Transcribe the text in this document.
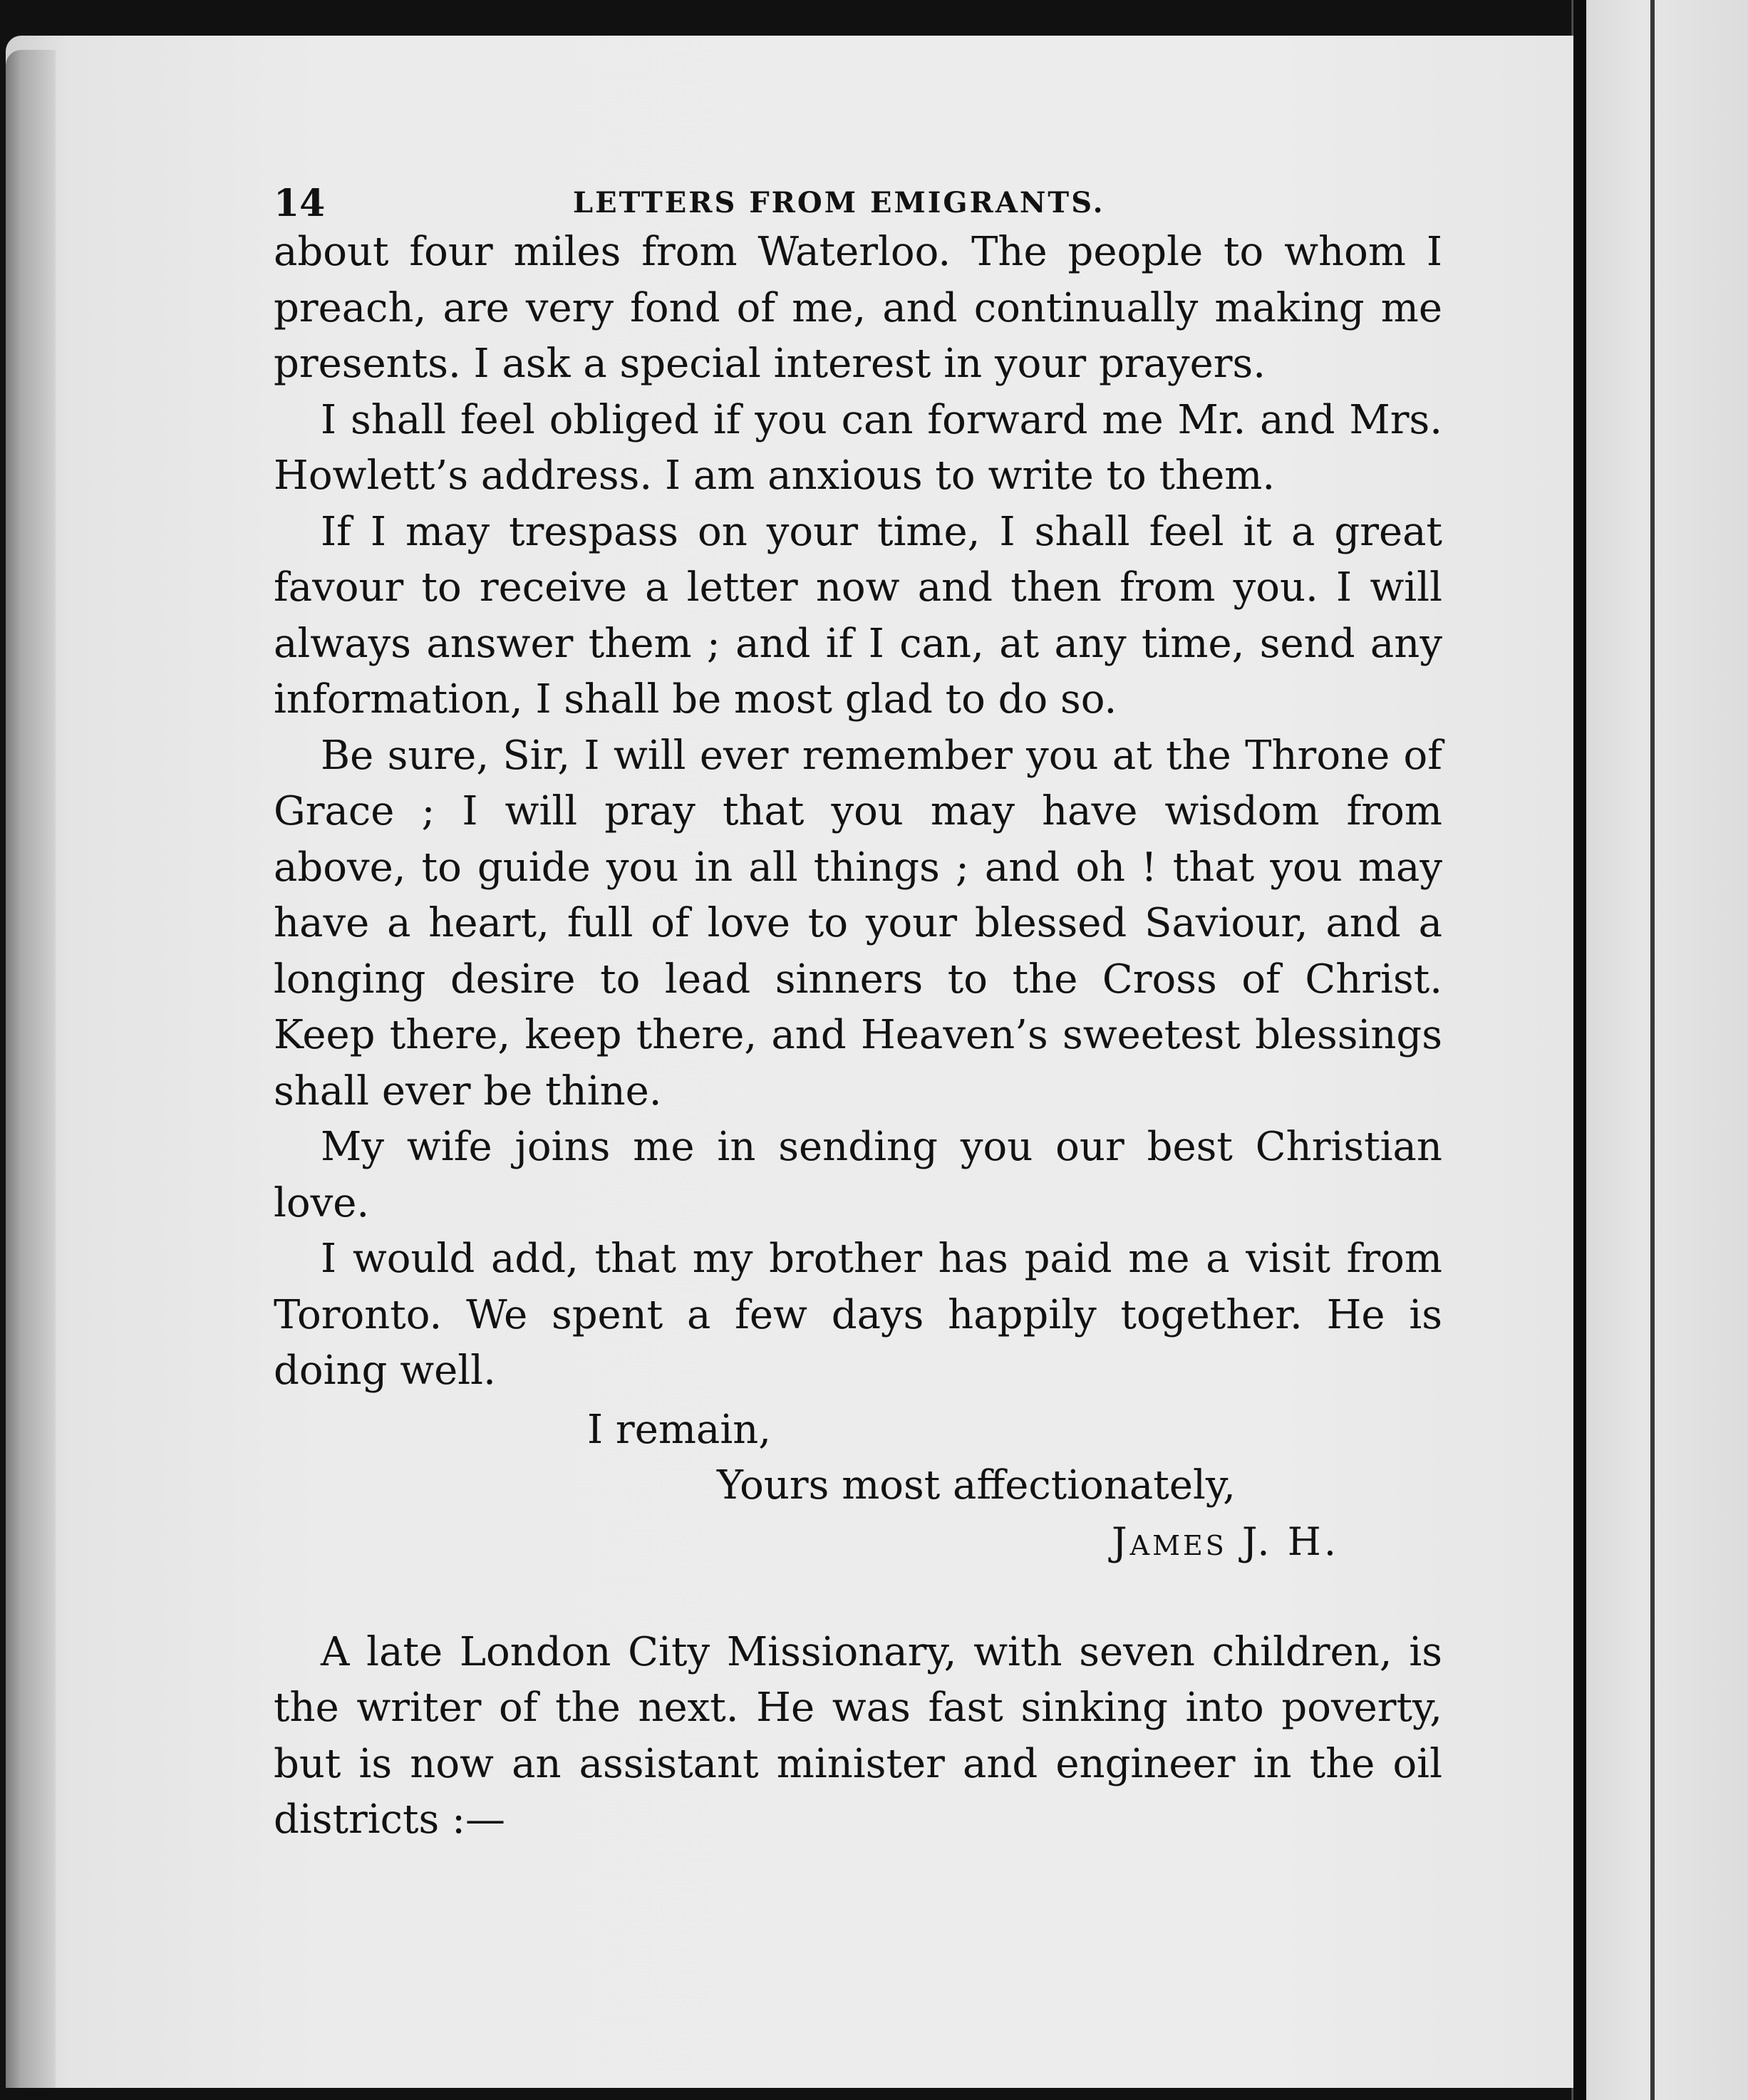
14	LETTERS FROM EMIGRANTS.

about four miles from Waterloo. The people to whom I preach, are very fond of me, and continually making me presents. I ask a special interest in your prayers.

I shall feel obliged if you can forward me Mr. and Mrs. Howlett’s address. I am anxious to write to them.

If I may trespass on your time, I shall feel it a great favour to receive a letter now and then from you. I will always answer them ; and if I can, at any time, send any information, I shall be most glad to do so.

Be sure, Sir, I will ever remember you at the Throne of Grace ; I will pray that you may have wisdom from above, to guide you in all things ; and oh ! that you may have a heart, full of love to your blessed Saviour, and a longing desire to lead sinners to the Cross of Christ. Keep there, keep there, and Heaven’s sweetest blessings shall ever be thine.

My wife joins me in sending you our best Christian love.

I would add, that my brother has paid me a visit from Toronto. We spent a few days happily together. He is doing well.

I remain,

Yours most affectionately,

James J. H.

A late London City Missionary, with seven children, is the writer of the next. He was fast sinking into poverty, but is now an assistant minister and engineer in the oil districts :—
